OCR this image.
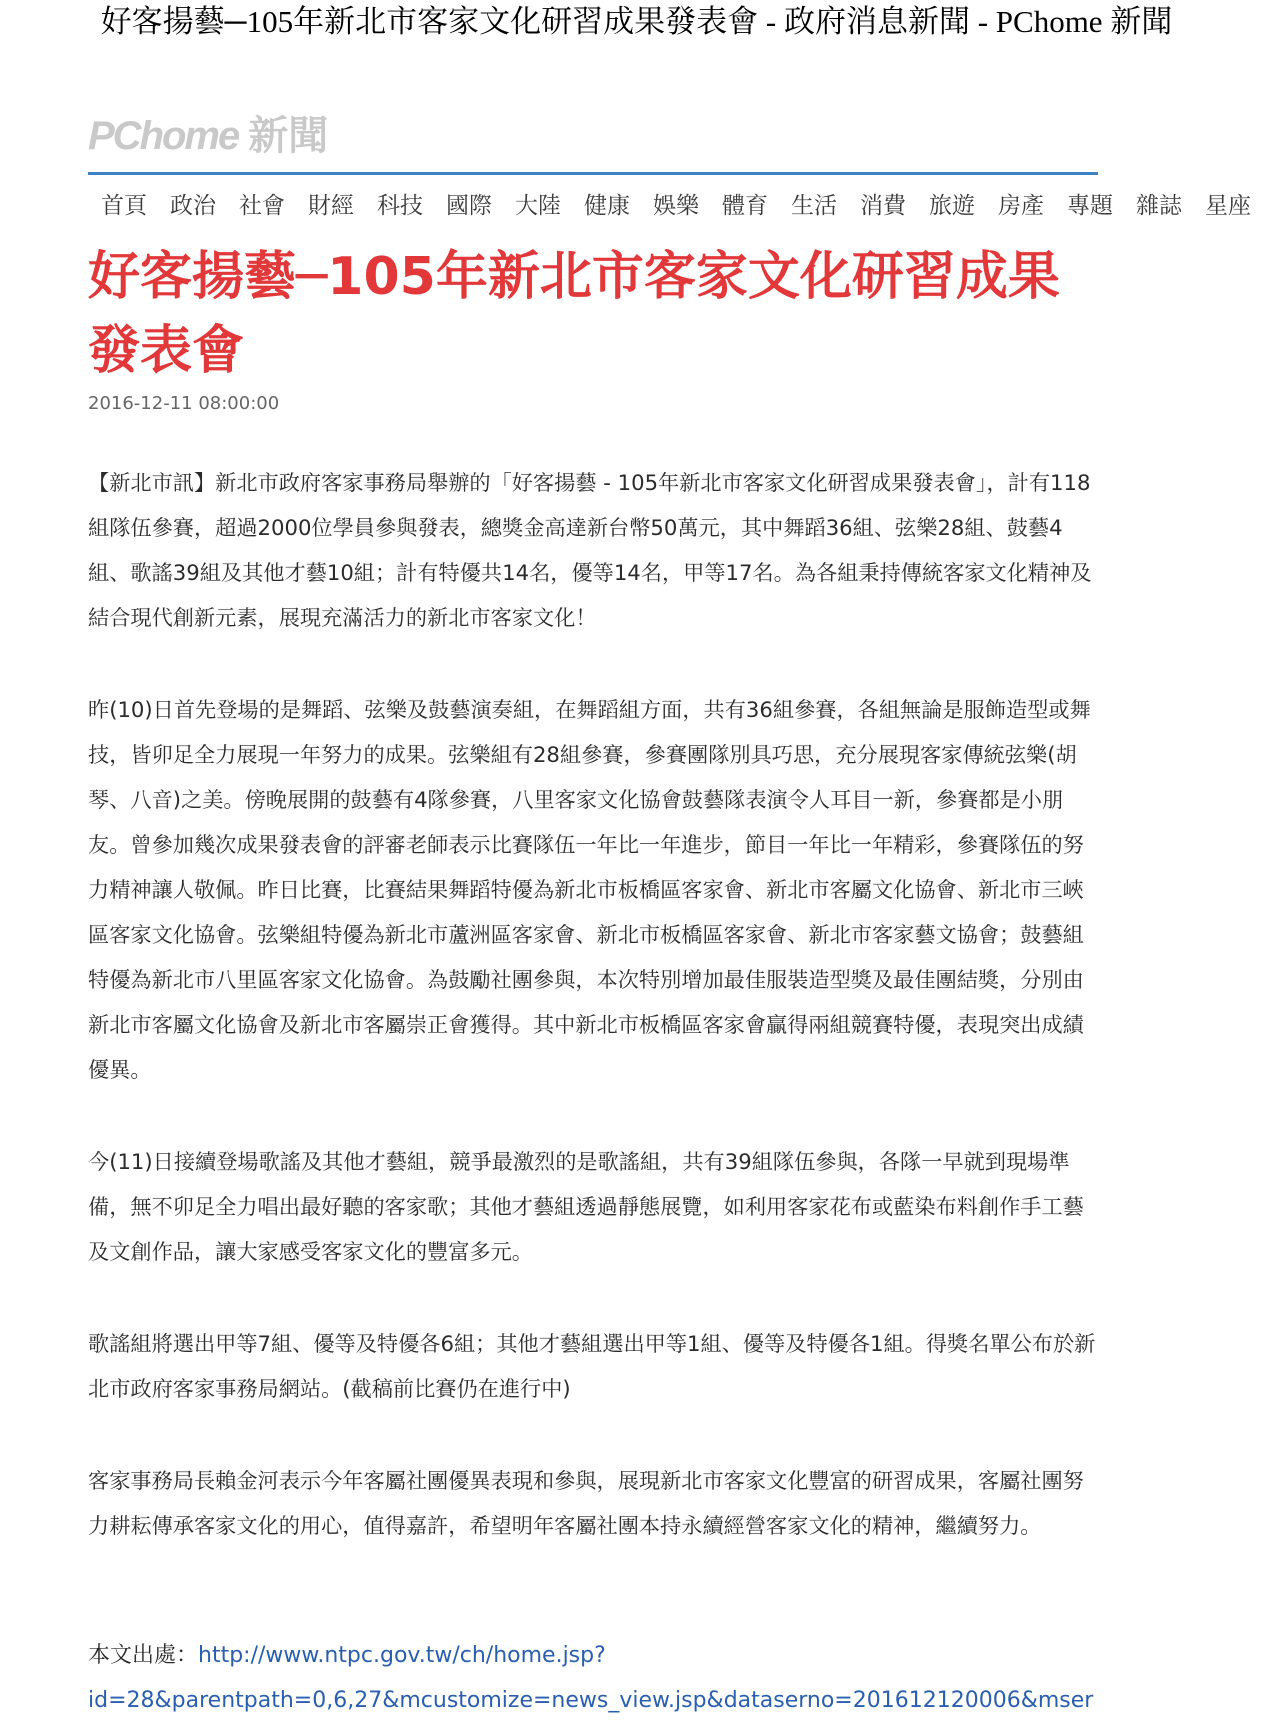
好客揚藝─105年新北市客家文化研習成果發表會 - 政府消息新聞 - PChome 新聞
PChome 新聞
首頁 政治 社會 財經 科技 國際 大陸 健康 娛樂 體育 生活 消費 旅遊 房產 專題 雜誌 星座
好客揚藝─105年新北市客家文化研習成果發表會
2016-12-11 08:00:00

【新北市訊】新北市政府客家事務局舉辦的「好客揚藝 - 105年新北市客家文化研習成果發表會」，計有118組隊伍參賽，超過2000位學員參與發表，總獎金高達新台幣50萬元，其中舞蹈36組、弦樂28組、鼓藝4組、歌謠39組及其他才藝10組；計有特優共14名，優等14名，甲等17名。為各組秉持傳統客家文化精神及結合現代創新元素，展現充滿活力的新北市客家文化！

昨(10)日首先登場的是舞蹈、弦樂及鼓藝演奏組，在舞蹈組方面，共有36組參賽，各組無論是服飾造型或舞技，皆卯足全力展現一年努力的成果。弦樂組有28組參賽，參賽團隊別具巧思，充分展現客家傳統弦樂(胡琴、八音)之美。傍晚展開的鼓藝有4隊參賽，八里客家文化協會鼓藝隊表演令人耳目一新，參賽都是小朋友。曾參加幾次成果發表會的評審老師表示比賽隊伍一年比一年進步，節目一年比一年精彩，參賽隊伍的努力精神讓人敬佩。昨日比賽，比賽結果舞蹈特優為新北市板橋區客家會、新北市客屬文化協會、新北市三峽區客家文化協會。弦樂組特優為新北市蘆洲區客家會、新北市板橋區客家會、新北市客家藝文協會；鼓藝組特優為新北市八里區客家文化協會。為鼓勵社團參與，本次特別增加最佳服裝造型獎及最佳團結獎，分別由新北市客屬文化協會及新北市客屬崇正會獲得。其中新北市板橋區客家會贏得兩組競賽特優，表現突出成績優異。

今(11)日接續登場歌謠及其他才藝組，競爭最激烈的是歌謠組，共有39組隊伍參與，各隊一早就到現場準備，無不卯足全力唱出最好聽的客家歌；其他才藝組透過靜態展覽，如利用客家花布或藍染布料創作手工藝及文創作品，讓大家感受客家文化的豐富多元。

歌謠組將選出甲等7組、優等及特優各6組；其他才藝組選出甲等1組、優等及特優各1組。得獎名單公布於新北市政府客家事務局網站。(截稿前比賽仍在進行中)

客家事務局長賴金河表示今年客屬社團優異表現和參與，展現新北市客家文化豐富的研習成果，客屬社團努力耕耘傳承客家文化的用心，值得嘉許，希望明年客屬社團本持永續經營客家文化的精神，繼續努力。

本文出處：http://www.ntpc.gov.tw/ch/home.jsp?
id=28&parentpath=0,6,27&mcustomize=news_view.jsp&dataserno=201612120006&mser
